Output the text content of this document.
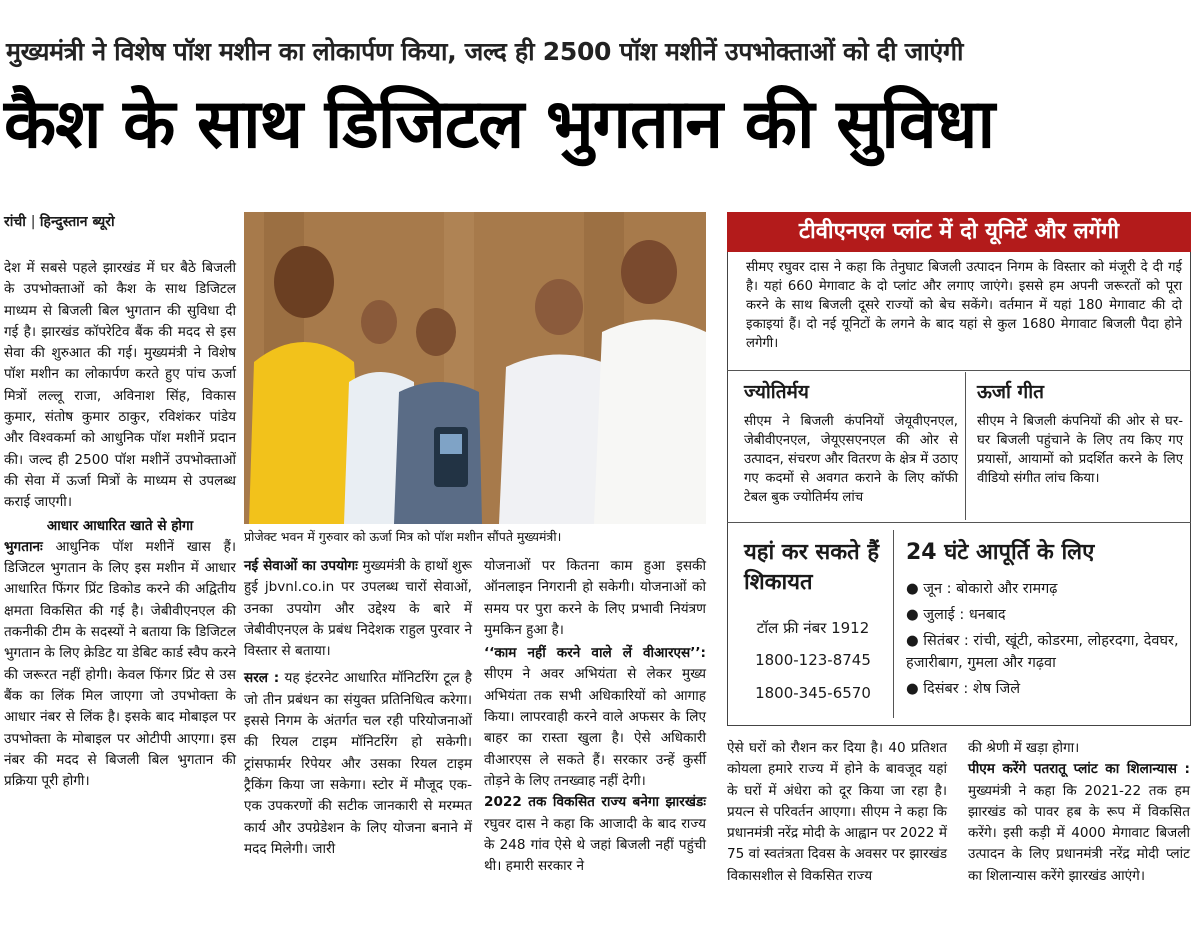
मुख्यमंत्री ने विशेष पॉश मशीन का लोकार्पण किया, जल्द ही 2500 पॉश मशीनें उपभोक्ताओं को दी जाएंगी
कैश के साथ डिजिटल भुगतान की सुविधा
रांची | हिन्दुस्तान ब्यूरो

देश में सबसे पहले झारखंड में घर बैठे बिजली के उपभोक्ताओं को कैश के साथ डिजिटल माध्यम से बिजली बिल भुगतान की सुविधा दी गई है। झारखंड कॉपरेटिव बैंक की मदद से इस सेवा की शुरुआत की गई। मुख्यमंत्री ने विशेष पॉश मशीन का लोकार्पण करते हुए पांच ऊर्जा मित्रों लल्लू राजा, अविनाश सिंह, विकास कुमार, संतोष कुमार ठाकुर, रविशंकर पांडेय और विश्वकर्मा को आधुनिक पॉश मशीनें प्रदान की। जल्द ही 2500 पॉश मशीनें उपभोक्ताओं की सेवा में ऊर्जा मित्रों के माध्यम से उपलब्ध कराई जाएगी।

आधार आधारित खाते से होगा

भुगतानः आधुनिक पॉश मशीनें खास हैं। डिजिटल भुगतान के लिए इस मशीन में आधार आधारित फिंगर प्रिंट डिकोड करने की अद्वितीय क्षमता विकसित की गई है। जेबीवीएनएल की तकनीकी टीम के सदस्यों ने बताया कि डिजिटल भुगतान के लिए क्रेडिट या डेबिट कार्ड स्वैप करने की जरूरत नहीं होगी। केवल फिंगर प्रिंट से उस बैंक का लिंक मिल जाएगा जो उपभोक्ता के आधार नंबर से लिंक है। इसके बाद मोबाइल पर उपभोक्ता के मोबाइल पर ओटीपी आएगा। इस नंबर की मदद से बिजली बिल भुगतान की प्रक्रिया पूरी होगी।

प्रोजेक्ट भवन में गुरुवार को ऊर्जा मित्र को पॉश मशीन सौंपते मुख्यमंत्री।

नई सेवाओं का उपयोगः मुख्यमंत्री के हाथों शुरू हुई jbvnl.co.in पर उपलब्ध चारों सेवाओं, उनका उपयोग और उद्देश्य के बारे में जेबीवीएनएल के प्रबंध निदेशक राहुल पुरवार ने विस्तार से बताया।

सरल : यह इंटरनेट आधारित मॉनिटरिंग टूल है जो तीन प्रबंधन का संयुक्त प्रतिनिधित्व करेगा। इससे निगम के अंतर्गत चल रही परियोजनाओं की रियल टाइम मॉनिटरिंग हो सकेगी। ट्रांसफार्मर रिपेयर और उसका रियल टाइम ट्रैकिंग किया जा सकेगा। स्टोर में मौजूद एक-एक उपकरणों की सटीक जानकारी से मरम्मत कार्य और उपग्रेडेशन के लिए योजना बनाने में मदद मिलेगी। जारी

योजनाओं पर कितना काम हुआ इसकी ऑनलाइन निगरानी हो सकेगी। योजनाओं को समय पर पुरा करने के लिए प्रभावी नियंत्रण मुमकिन हुआ है।

‘‘काम नहीं करने वाले लें वीआरएस’’: सीएम ने अवर अभियंता से लेकर मुख्य अभियंता तक सभी अधिकारियों को आगाह किया। लापरवाही करने वाले अफसर के लिए बाहर का रास्ता खुला है। ऐसे अधिकारी वीआरएस ले सकते हैं। सरकार उन्हें कुर्सी तोड़ने के लिए तनख्वाह नहीं देगी।

2022 तक विकसित राज्य बनेगा झारखंडः रघुवर दास ने कहा कि आजादी के बाद राज्य के 248 गांव ऐसे थे जहां बिजली नहीं पहुंची थी। हमारी सरकार ने

टीवीएनएल प्लांट में दो यूनिटें और लगेंगी
सीमए रघुवर दास ने कहा कि तेनुघाट बिजली उत्पादन निगम के विस्तार को मंजूरी दे दी गई है। यहां 660 मेगावाट के दो प्लांट और लगाए जाएंगे। इससे हम अपनी जरूरतों को पूरा करने के साथ बिजली दूसरे राज्यों को बेच सकेंगे। वर्तमान में यहां 180 मेगावाट की दो इकाइयां हैं। दो नई यूनिटों के लगने के बाद यहां से कुल 1680 मेगावाट बिजली पैदा होने लगेगी।
ज्योतिर्मय
सीएम ने बिजली कंपनियों जेयूवीएनएल, जेबीवीएनएल, जेयूएसएनएल की ओर से उत्पादन, संचरण और वितरण के क्षेत्र में उठाए गए कदमों से अवगत कराने के लिए कॉफी टेबल बुक ज्योतिर्मय लांच
ऊर्जा गीत
सीएम ने बिजली कंपनियों की ओर से घर-घर बिजली पहुंचाने के लिए तय किए गए प्रयासों, आयामों को प्रदर्शित करने के लिए वीडियो संगीत लांच किया।
यहां कर सकते हैं शिकायत
टॉल फ्री नंबर 1912
1800-123-8745
1800-345-6570
24 घंटे आपूर्ति के लिए
● जून : बोकारो और रामगढ़
● जुलाई : धनबाद
● सितंबर : रांची, खूंटी, कोडरमा, लोहरदगा, देवघर, हजारीबाग, गुमला और गढ़वा
● दिसंबर : शेष जिले

ऐसे घरों को रौशन कर दिया है। 40 प्रतिशत कोयला हमारे राज्य में होने के बावजूद यहां के घरों में अंधेरा को दूर किया जा रहा है। प्रयत्न से परिवर्तन आएगा। सीएम ने कहा कि प्रधानमंत्री नरेंद्र मोदी के आह्वान पर 2022 में 75 वां स्वतंत्रता दिवस के अवसर पर झारखंड विकासशील से विकसित राज्य

की श्रेणी में खड़ा होगा।

पीएम करेंगे पतरातू प्लांट का शिलान्यास : मुख्यमंत्री ने कहा कि 2021-22 तक हम झारखंड को पावर हब के रूप में विकसित करेंगे। इसी कड़ी में 4000 मेगावाट बिजली उत्पादन के लिए प्रधानमंत्री नरेंद्र मोदी प्लांट का शिलान्यास करेंगे झारखंड आएंगे।
